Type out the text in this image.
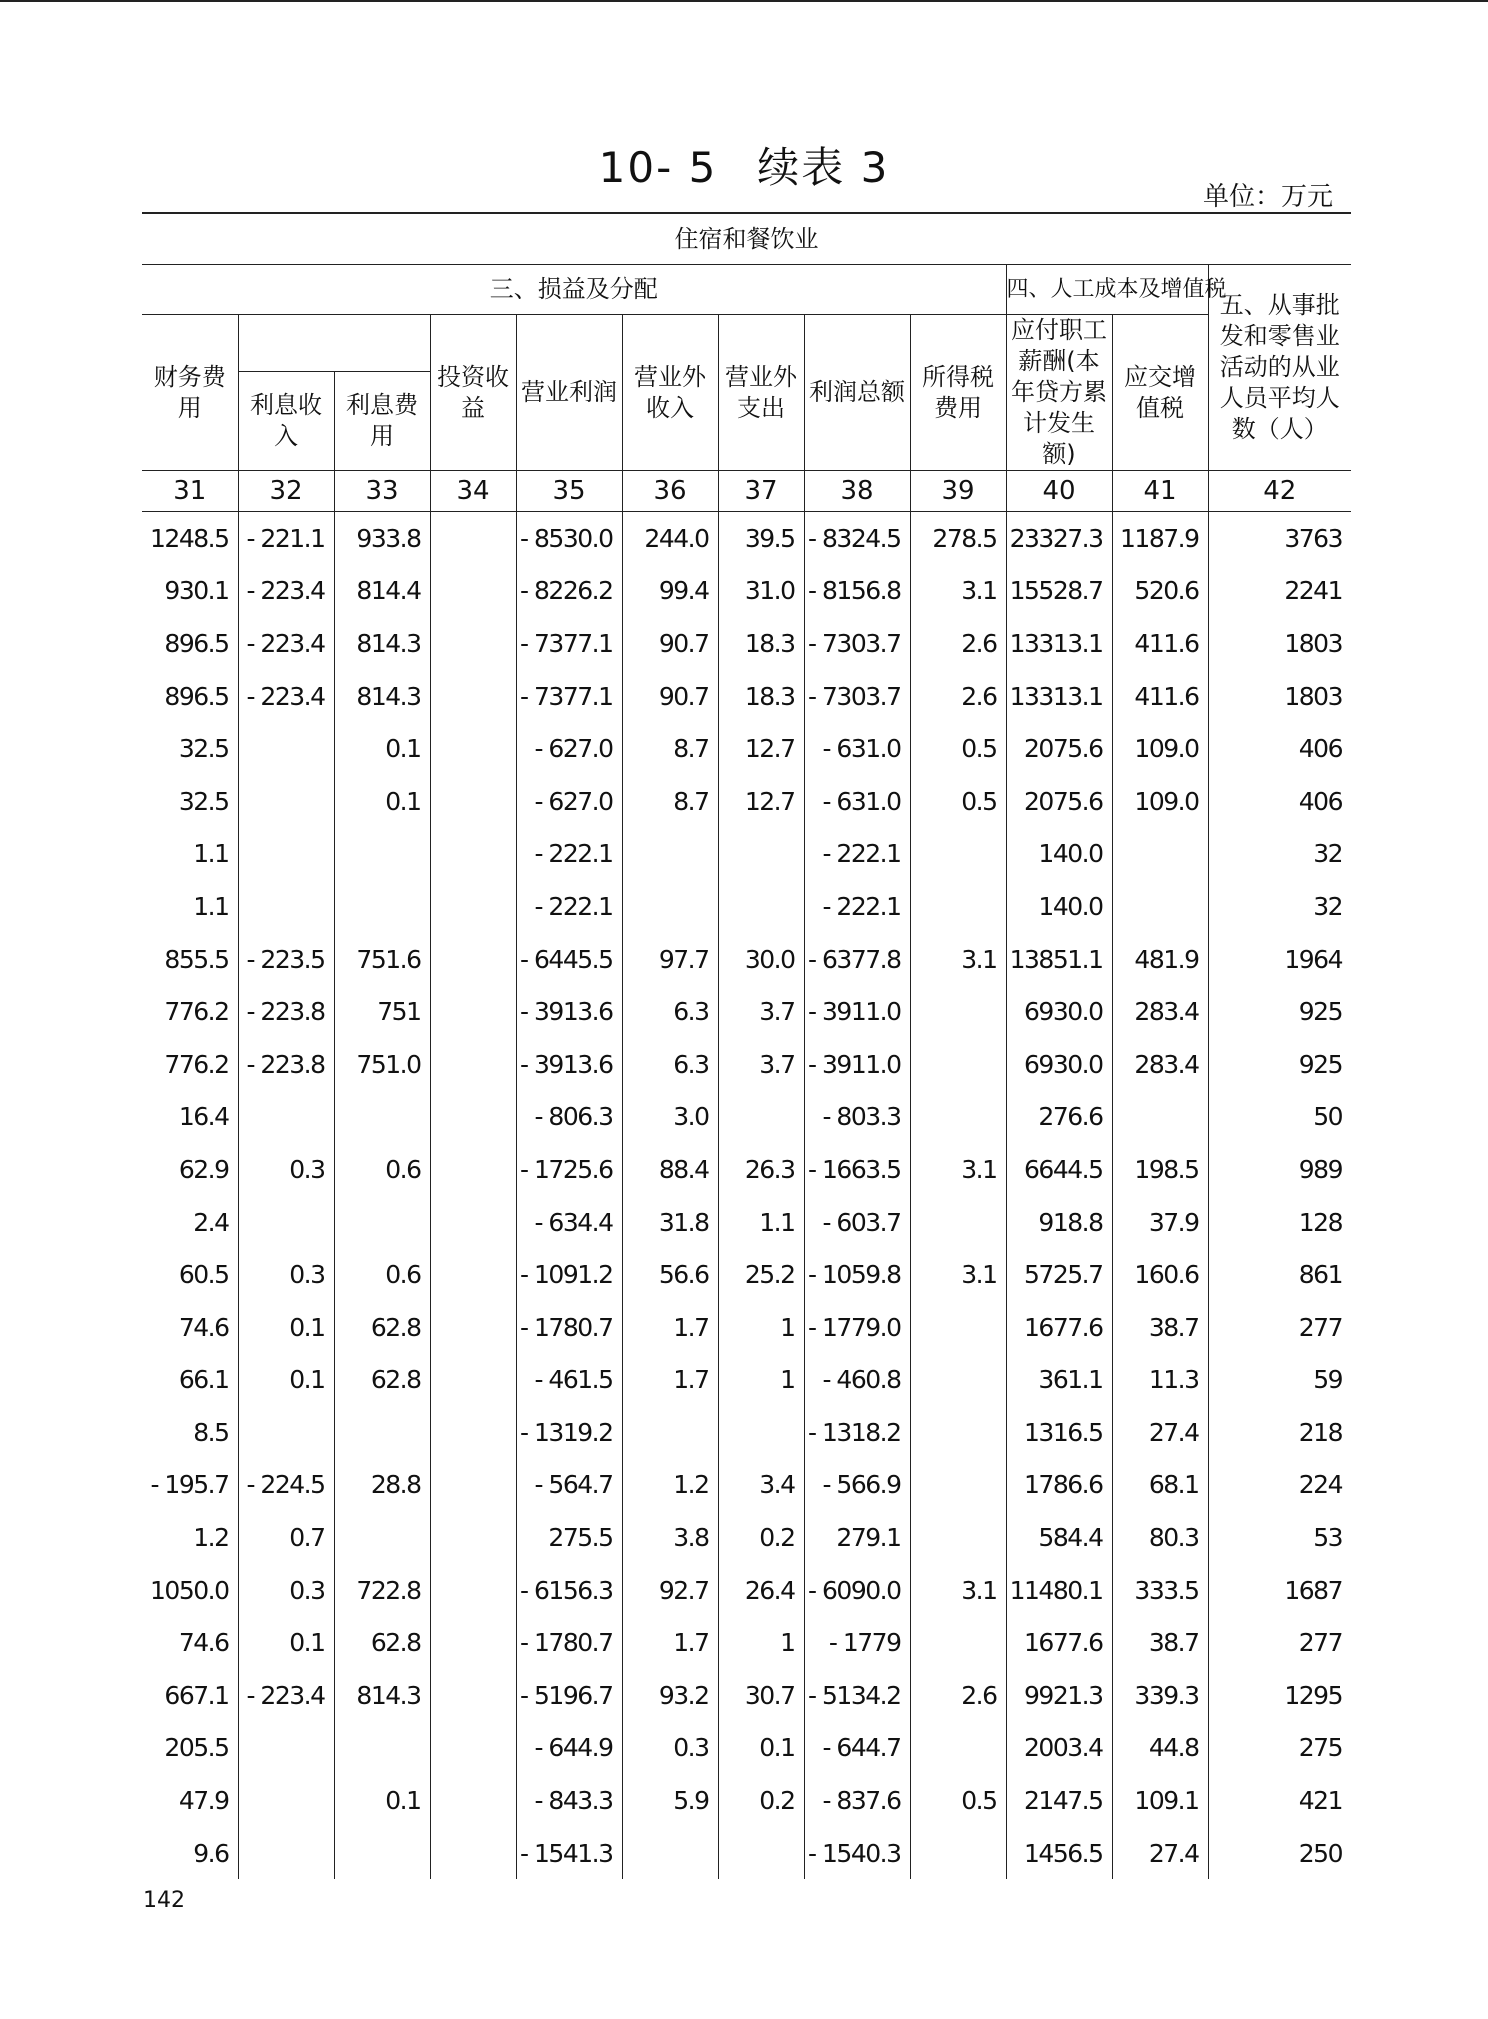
10- 5 续表 3
单位：万元
住宿和餐饮业											
三、损益及分配									四、人工成本及增值税		五、从事批发和零售业活动的从业人员平均人数（人）
财务费用			投资收益	营业利润	营业外收入	营业外支出	利润总额	所得税费用	应付职工薪酬(本年贷方累计发生额)	应交增值税	
	利息收入	利息费用									
31	32	33	34	35	36	37	38	39	40	41	42
1248.5	- 221.1	933.8		- 8530.0	244.0	39.5	- 8324.5	278.5	23327.3	1187.9	3763
930.1	- 223.4	814.4		- 8226.2	99.4	31.0	- 8156.8	3.1	15528.7	520.6	2241
896.5	- 223.4	814.3		- 7377.1	90.7	18.3	- 7303.7	2.6	13313.1	411.6	1803
896.5	- 223.4	814.3		- 7377.1	90.7	18.3	- 7303.7	2.6	13313.1	411.6	1803
32.5		0.1		- 627.0	8.7	12.7	- 631.0	0.5	2075.6	109.0	406
32.5		0.1		- 627.0	8.7	12.7	- 631.0	0.5	2075.6	109.0	406
1.1				- 222.1			- 222.1		140.0		32
1.1				- 222.1			- 222.1		140.0		32
855.5	- 223.5	751.6		- 6445.5	97.7	30.0	- 6377.8	3.1	13851.1	481.9	1964
776.2	- 223.8	751		- 3913.6	6.3	3.7	- 3911.0		6930.0	283.4	925
776.2	- 223.8	751.0		- 3913.6	6.3	3.7	- 3911.0		6930.0	283.4	925
16.4				- 806.3	3.0		- 803.3		276.6		50
62.9	0.3	0.6		- 1725.6	88.4	26.3	- 1663.5	3.1	6644.5	198.5	989
2.4				- 634.4	31.8	1.1	- 603.7		918.8	37.9	128
60.5	0.3	0.6		- 1091.2	56.6	25.2	- 1059.8	3.1	5725.7	160.6	861
74.6	0.1	62.8		- 1780.7	1.7	1	- 1779.0		1677.6	38.7	277
66.1	0.1	62.8		- 461.5	1.7	1	- 460.8		361.1	11.3	59
8.5				- 1319.2			- 1318.2		1316.5	27.4	218
- 195.7	- 224.5	28.8		- 564.7	1.2	3.4	- 566.9		1786.6	68.1	224
1.2	0.7			275.5	3.8	0.2	279.1		584.4	80.3	53
1050.0	0.3	722.8		- 6156.3	92.7	26.4	- 6090.0	3.1	11480.1	333.5	1687
74.6	0.1	62.8		- 1780.7	1.7	1	- 1779		1677.6	38.7	277
667.1	- 223.4	814.3		- 5196.7	93.2	30.7	- 5134.2	2.6	9921.3	339.3	1295
205.5				- 644.9	0.3	0.1	- 644.7		2003.4	44.8	275
47.9		0.1		- 843.3	5.9	0.2	- 837.6	0.5	2147.5	109.1	421
9.6				- 1541.3			- 1540.3		1456.5	27.4	250
142
